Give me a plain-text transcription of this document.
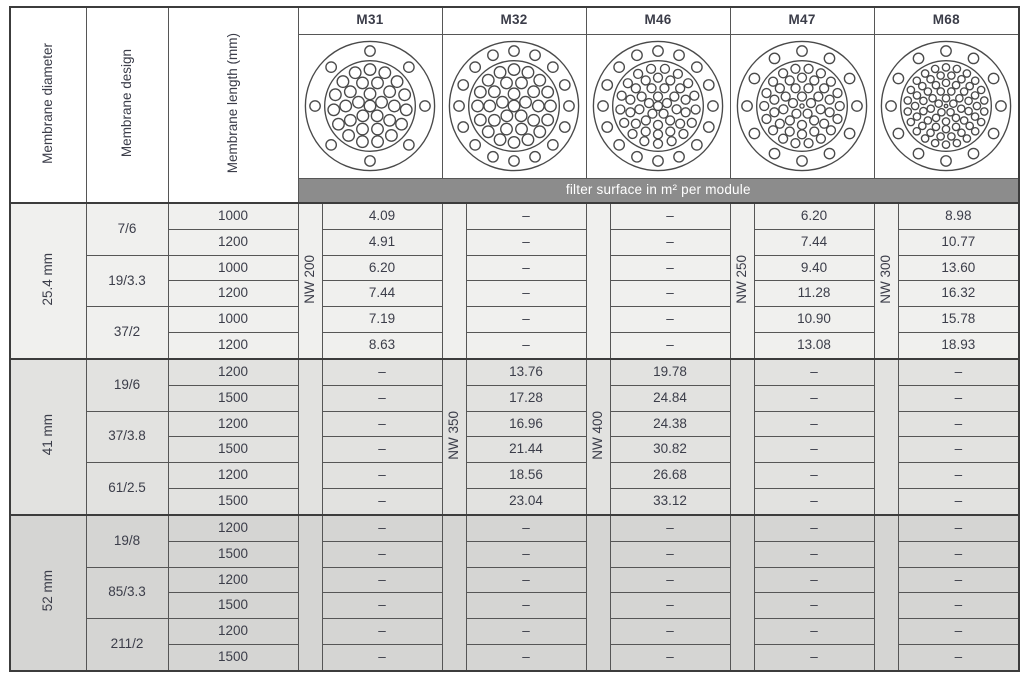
Membrane diameter	Membrane design	Membrane length (mm)	M31		M32		M46		M47		M68	

			filter surface in m² per module									
25.4 mm	7/6	1000	NW 200	4.09		–		–	NW 250	6.20	NW 300	8.98
		1200		4.91		–		–		7.44		10.77
	19/3.3	1000		6.20		–		–		9.40		13.60
		1200		7.44		–		–		11.28		16.32
	37/2	1000		7.19		–		–		10.90		15.78
		1200		8.63		–		–		13.08		18.93
41 mm	19/6	1200		–	NW 350	13.76	NW 400	19.78		–		–
		1500		–		17.28		24.84		–		–
	37/3.8	1200		–		16.96		24.38		–		–
		1500		–		21.44		30.82		–		–
	61/2.5	1200		–		18.56		26.68		–		–
		1500		–		23.04		33.12		–		–
52 mm	19/8	1200		–		–		–		–		–
		1500		–		–		–		–		–
	85/3.3	1200		–		–		–		–		–
		1500		–		–		–		–		–
	211/2	1200		–		–		–		–		–
		1500		–		–		–		–		–
